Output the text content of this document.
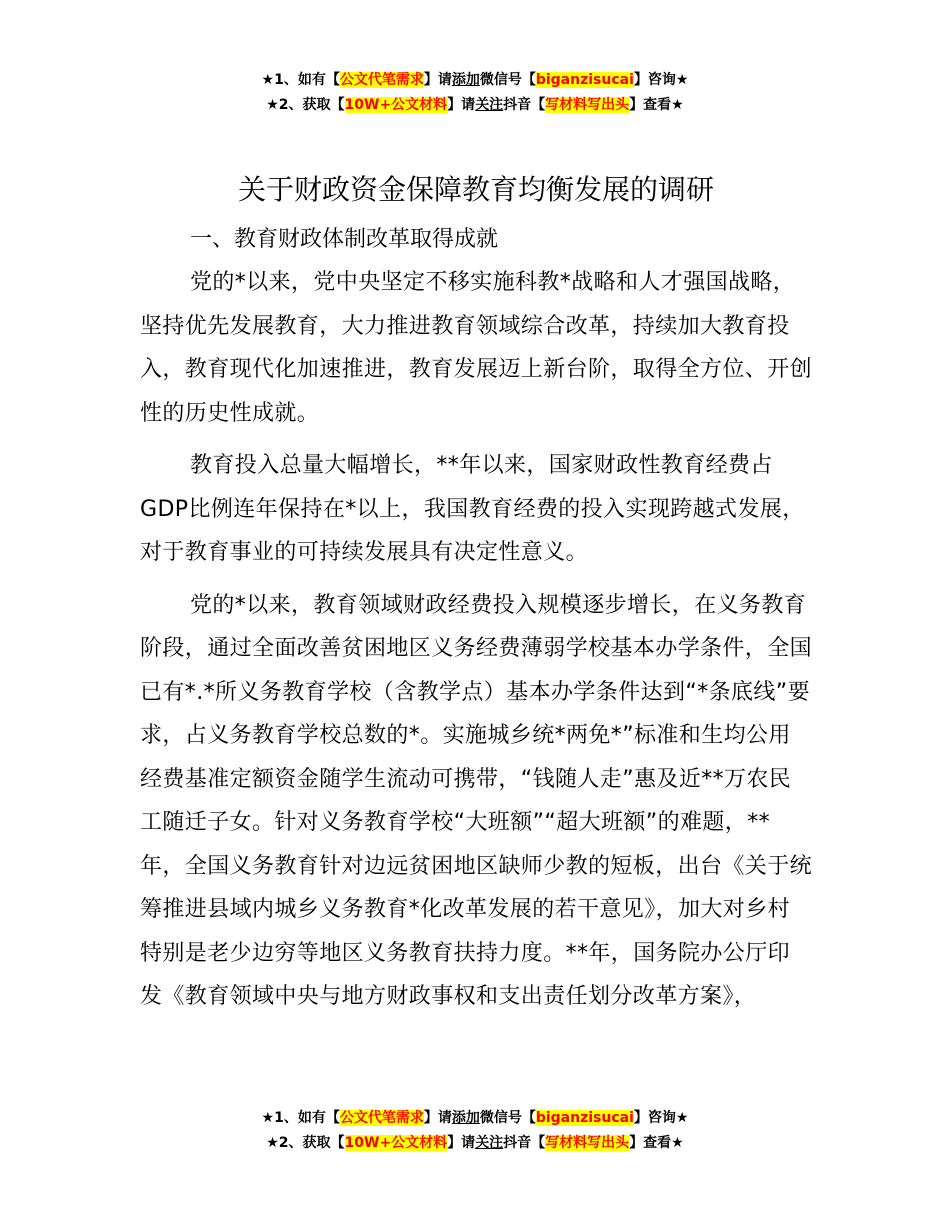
★1、如有【公文代笔需求】请添加微信号【biganzisucai】咨询★
★2、获取【10W+公文材料】请关注抖音【写材料写出头】查看★
关于财政资金保障教育均衡发展的调研
一、教育财政体制改革取得成就

党的*以来，党中央坚定不移实施科教*战略和人才强国战略，坚持优先发展教育，大力推进教育领域综合改革，持续加大教育投入，教育现代化加速推进，教育发展迈上新台阶，取得全方位、开创性的历史性成就。

教育投入总量大幅增长，**年以来，国家财政性教育经费占GDP比例连年保持在*以上，我国教育经费的投入实现跨越式发展，对于教育事业的可持续发展具有决定性意义。

党的*以来，教育领域财政经费投入规模逐步增长，在义务教育阶段，通过全面改善贫困地区义务经费薄弱学校基本办学条件，全国已有*.*所义务教育学校（含教学点）基本办学条件达到“*条底线”要求，占义务教育学校总数的*。实施城乡统*两免*”标准和生均公用经费基准定额资金随学生流动可携带，“钱随人走”惠及近**万农民工随迁子女。针对义务教育学校“大班额”“超大班额”的难题，**年，全国义务教育针对边远贫困地区缺师少教的短板，出台《关于统筹推进县域内城乡义务教育*化改革发展的若干意见》，加大对乡村特别是老少边穷等地区义务教育扶持力度。**年，国务院办公厅印发《教育领域中央与地方财政事权和支出责任划分改革方案》，

★1、如有【公文代笔需求】请添加微信号【biganzisucai】咨询★
★2、获取【10W+公文材料】请关注抖音【写材料写出头】查看★
